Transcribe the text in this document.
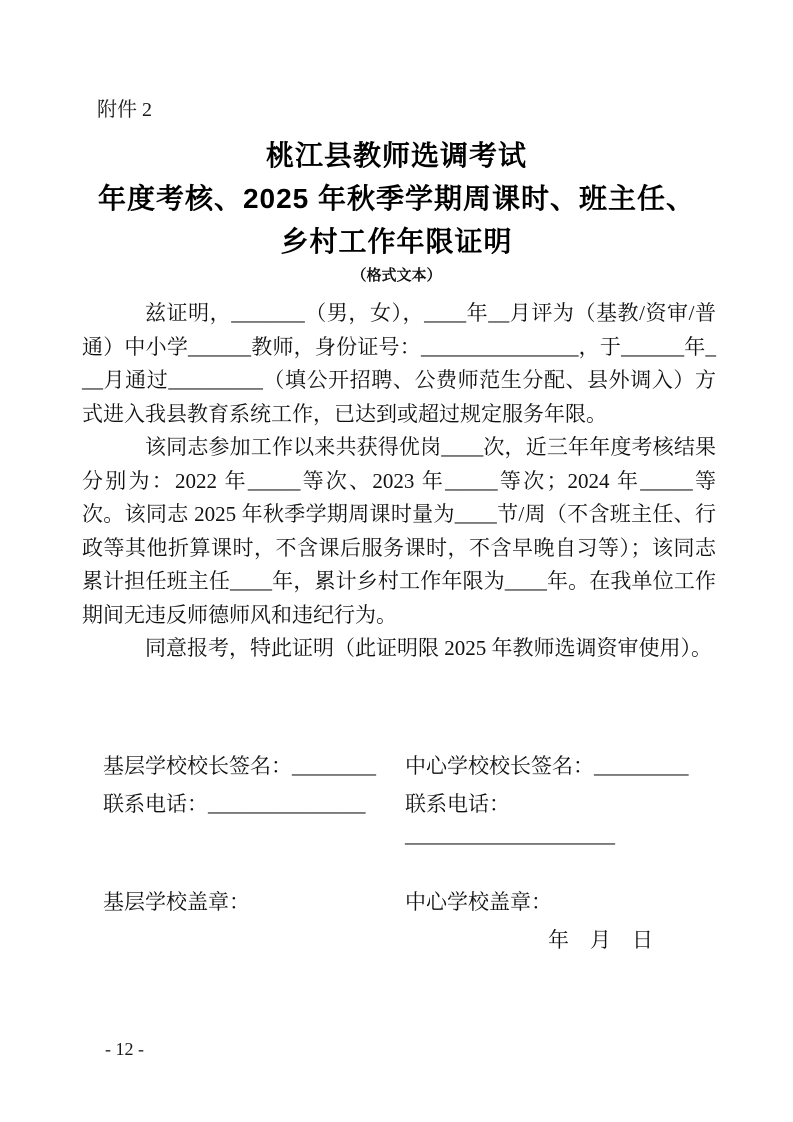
附件 2
桃江县教师选调考试
年度考核、2025 年秋季学期周课时、班主任、
乡村工作年限证明
（格式文本）

兹证明，_______（男，女），____年__月评为（基教/资审/普通）中小学______教师，身份证号：_______________，于______年___月通过_________（填公开招聘、公费师范生分配、县外调入）方式进入我县教育系统工作，已达到或超过规定服务年限。

该同志参加工作以来共获得优岗____次，近三年年度考核结果分别为：2022 年_____等次、2023 年_____等次；2024 年_____等次。该同志 2025 年秋季学期周课时量为____节/周（不含班主任、行政等其他折算课时，不含课后服务课时，不含早晚自习等）；该同志累计担任班主任____年，累计乡村工作年限为____年。在我单位工作期间无违反师德师风和违纪行为。

同意报考，特此证明（此证明限 2025 年教师选调资审使用）。

基层学校校长签名：________	中心学校校长签名：_________
联系电话：_______________	联系电话：____________________
基层学校盖章：	中心学校盖章：
年　月　日
- 12 -
